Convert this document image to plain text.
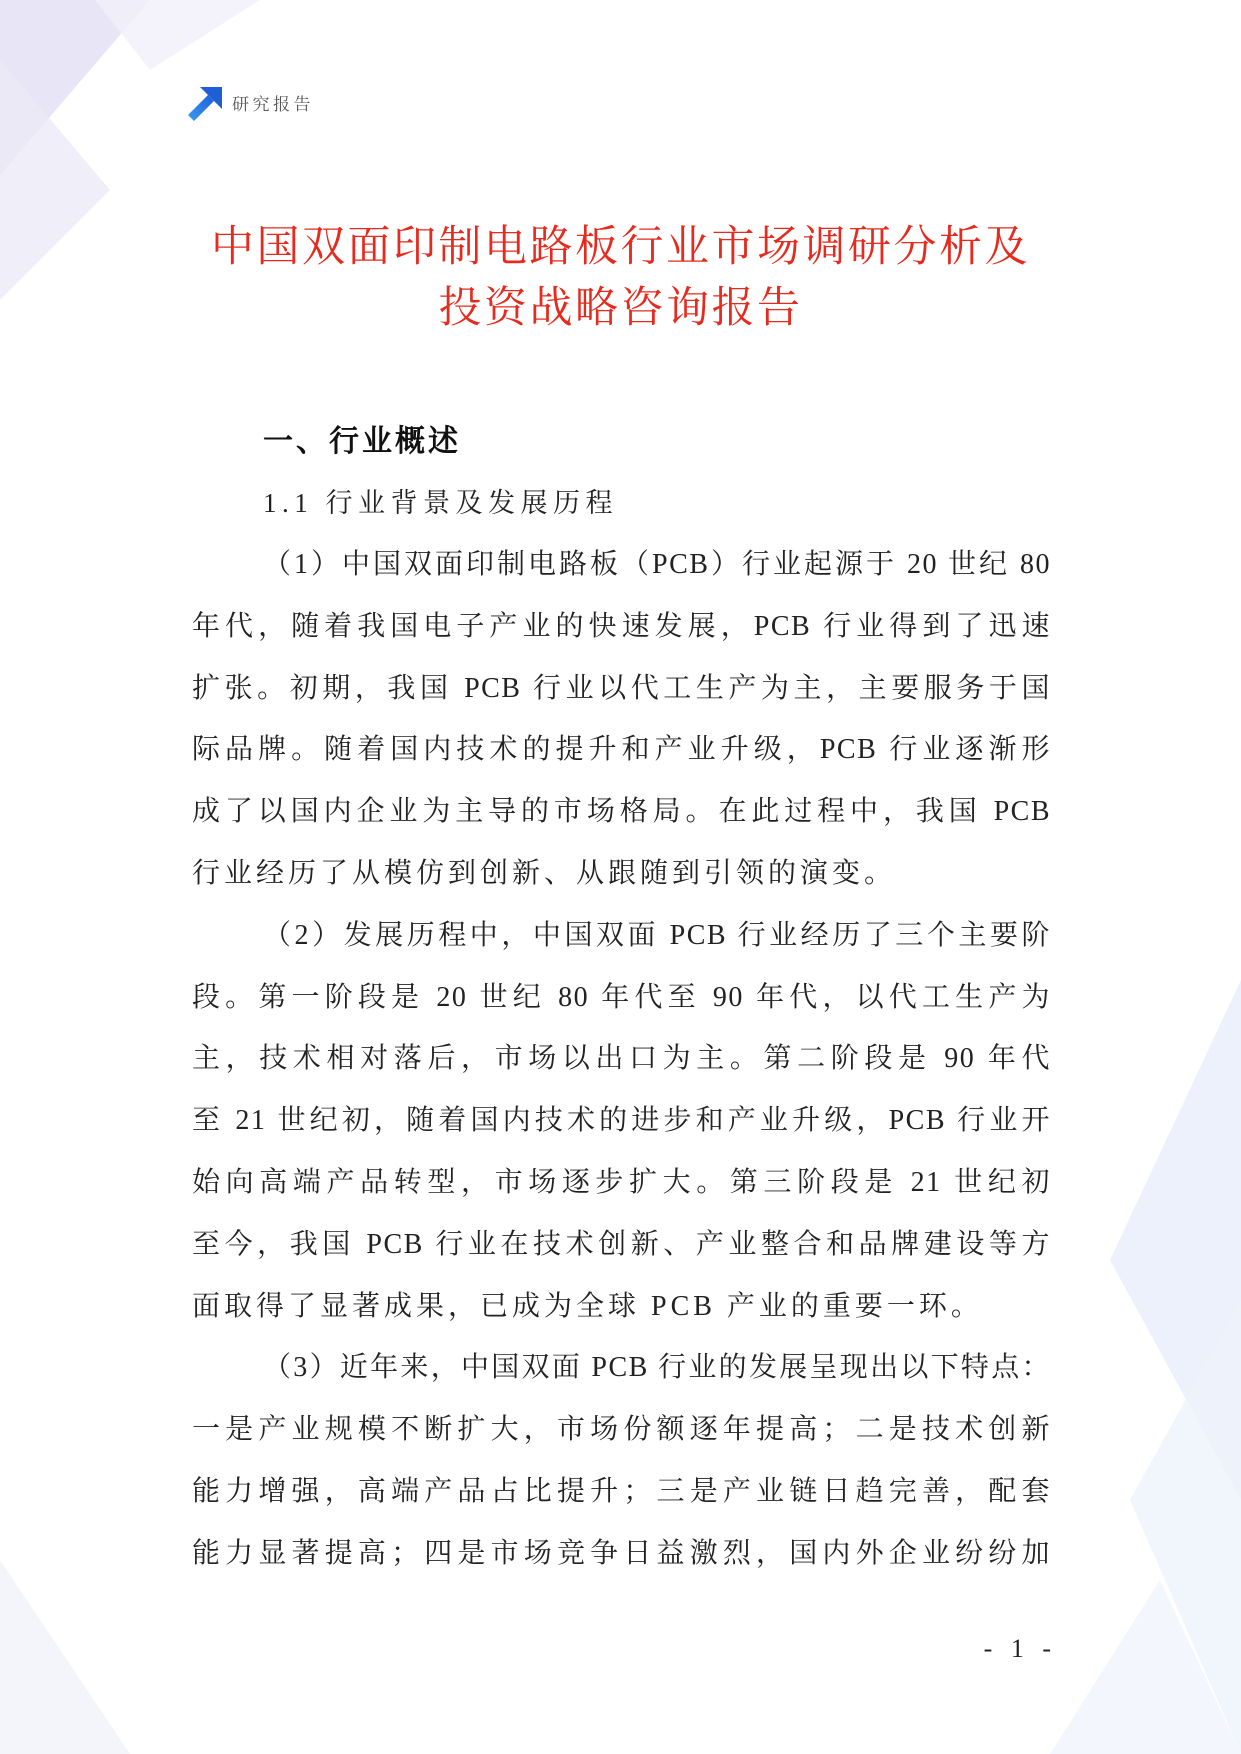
研究报告
中国双面印制电路板行业市场调研分析及
投资战略咨询报告
一、行业概述
1.1 行业背景及发展历程
（1）中国双面印制电路板（PCB）行业起源于 20 世纪 80
年代，随着我国电子产业的快速发展，PCB 行业得到了迅速
扩张。初期，我国 PCB 行业以代工生产为主，主要服务于国
际品牌。随着国内技术的提升和产业升级，PCB 行业逐渐形
成了以国内企业为主导的市场格局。在此过程中，我国 PCB
行业经历了从模仿到创新、从跟随到引领的演变。
（2）发展历程中，中国双面 PCB 行业经历了三个主要阶
段。第一阶段是 20 世纪 80 年代至 90 年代，以代工生产为
主，技术相对落后，市场以出口为主。第二阶段是 90 年代
至 21 世纪初，随着国内技术的进步和产业升级，PCB 行业开
始向高端产品转型，市场逐步扩大。第三阶段是 21 世纪初
至今，我国 PCB 行业在技术创新、产业整合和品牌建设等方
面取得了显著成果，已成为全球 PCB 产业的重要一环。
（3）近年来，中国双面 PCB 行业的发展呈现出以下特点：
一是产业规模不断扩大，市场份额逐年提高；二是技术创新
能力增强，高端产品占比提升；三是产业链日趋完善，配套
能力显著提高；四是市场竞争日益激烈，国内外企业纷纷加
- 1 -
